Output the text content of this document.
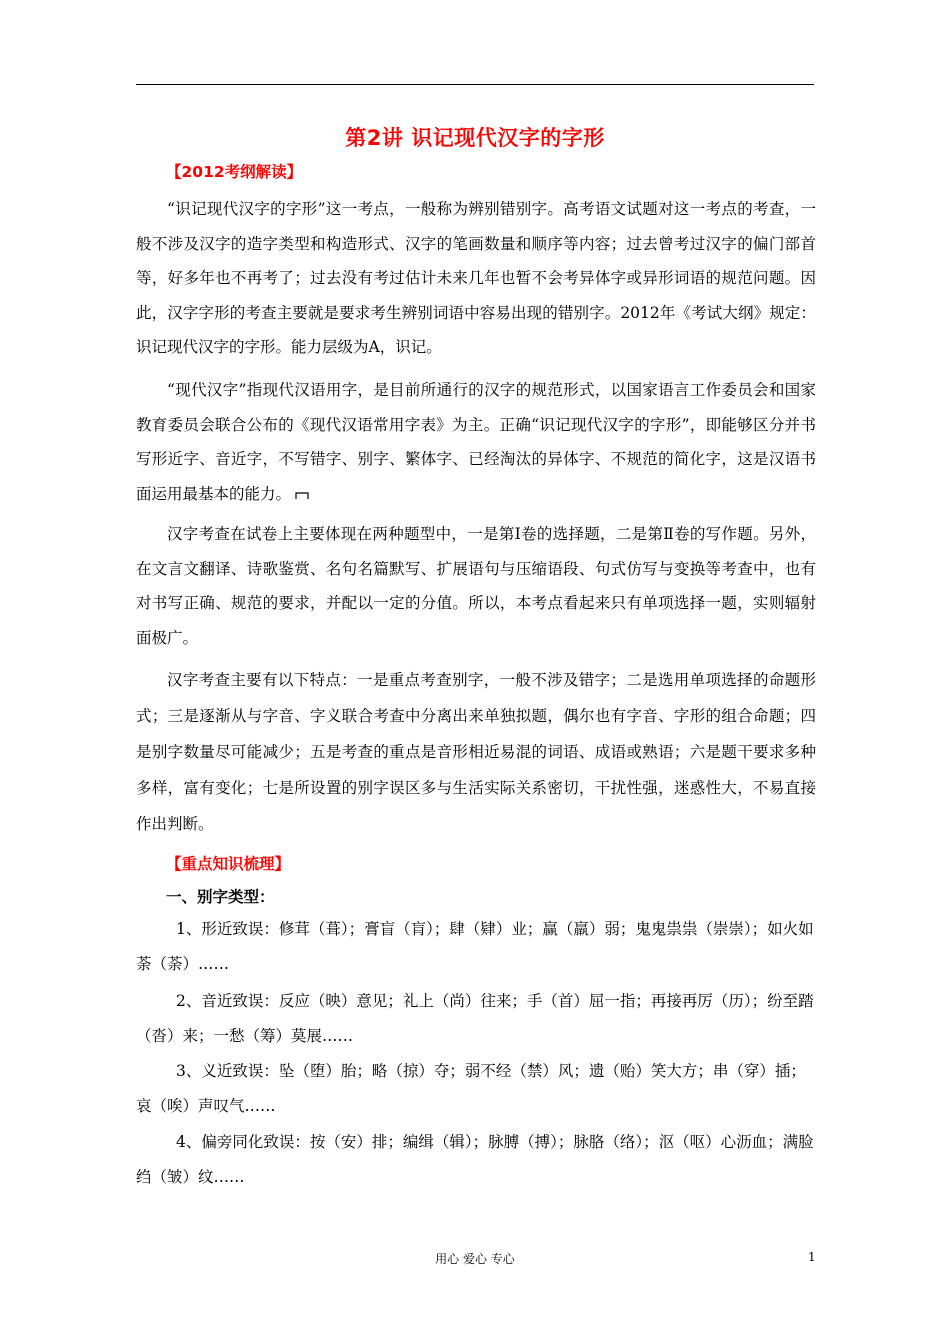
第2讲 识记现代汉字的字形
【2012考纲解读】

“识记现代汉字的字形”这一考点，一般称为辨别错别字。高考语文试题对这一考点的考查，一般不涉及汉字的造字类型和构造形式、汉字的笔画数量和顺序等内容；过去曾考过汉字的偏门部首等，好多年也不再考了；过去没有考过估计未来几年也暂不会考异体字或异形词语的规范问题。因此，汉字字形的考查主要就是要求考生辨别词语中容易出现的错别字。2012年《考试大纲》规定：识记现代汉字的字形。能力层级为A，识记。

“现代汉字”指现代汉语用字，是目前所通行的汉字的规范形式，以国家语言工作委员会和国家教育委员会联合公布的《现代汉语常用字表》为主。正确“识记现代汉字的字形”，即能够区分并书写形近字、音近字，不写错字、别字、繁体字、已经淘汰的异体字、不规范的简化字，这是汉语书面运用最基本的能力。

汉字考查在试卷上主要体现在两种题型中，一是第Ⅰ卷的选择题，二是第Ⅱ卷的写作题。另外，在文言文翻译、诗歌鉴赏、名句名篇默写、扩展语句与压缩语段、句式仿写与变换等考查中，也有对书写正确、规范的要求，并配以一定的分值。所以，本考点看起来只有单项选择一题，实则辐射面极广。

汉字考查主要有以下特点：一是重点考查别字，一般不涉及错字；二是选用单项选择的命题形式；三是逐渐从与字音、字义联合考查中分离出来单独拟题，偶尔也有字音、字形的组合命题；四是别字数量尽可能减少；五是考查的重点是音形相近易混的词语、成语或熟语；六是题干要求多种多样，富有变化；七是所设置的别字误区多与生活实际关系密切，干扰性强，迷惑性大，不易直接作出判断。

【重点知识梳理】
一、别字类型：

1、形近致误：修茸（葺）；膏盲（肓）；肆（肄）业；赢（羸）弱；鬼鬼祟祟（崇崇）；如火如荼（荼）……

2、音近致误：反应（映）意见；礼上（尚）往来；手（首）屈一指；再接再厉（历）；纷至踏（沓）来；一愁（筹）莫展……

3、义近致误：坠（堕）胎；略（掠）夺；弱不经（禁）风；遗（贻）笑大方；串（穿）插；哀（唉）声叹气……

4、偏旁同化致误：按（安）排；编缉（辑）；脉膊（搏）；脉胳（络）；沤（呕）心沥血；满脸绉（皱）纹……

用心 爱心 专心	1
